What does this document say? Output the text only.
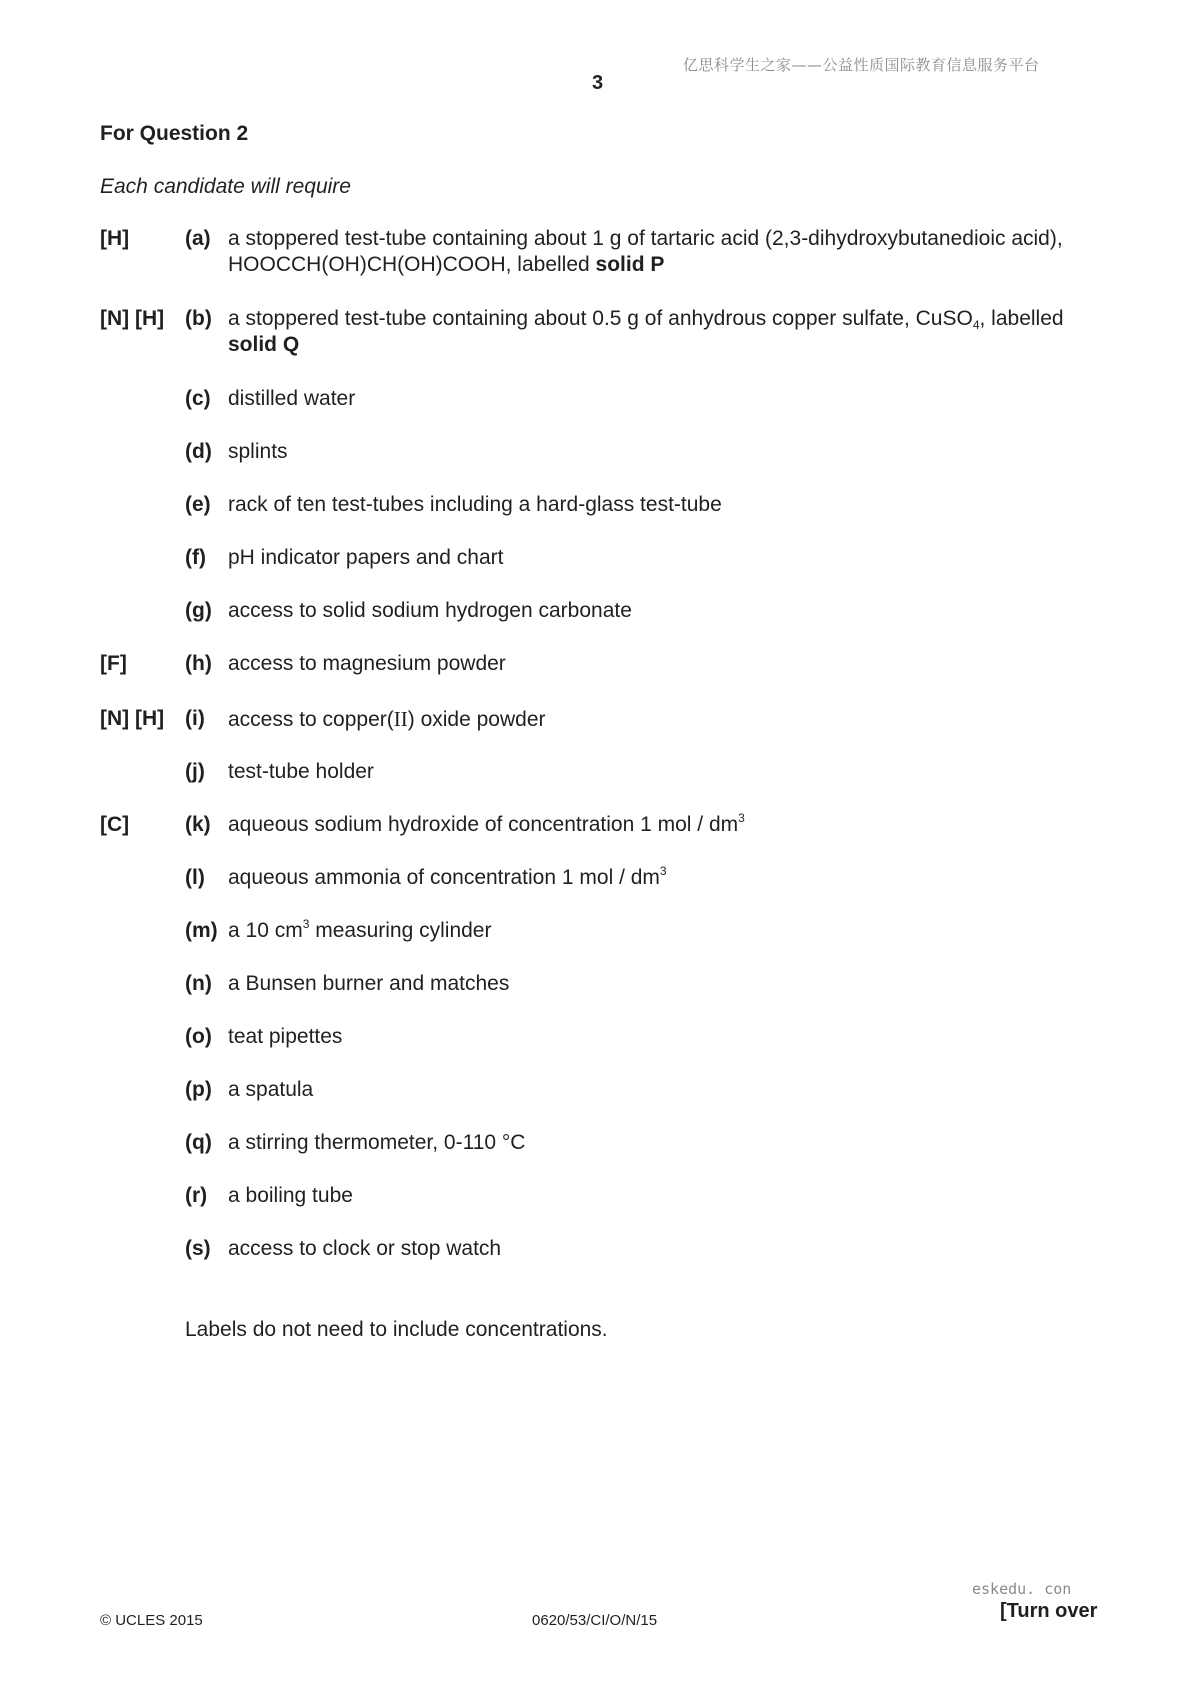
亿思科学生之家——公益性质国际教育信息服务平台
3
For Question 2
Each candidate will require
[H]	(a) a stoppered test-tube containing about 1 g of tartaric acid (2,3-dihydroxybutanedioic acid),
HOOCCH(OH)CH(OH)COOH, labelled solid P
[N] [H] (b) a stoppered test-tube containing about 0.5 g of anhydrous copper sulfate, CuSO$_4$, labelled
solid Q
(c) distilled water
(d) splints
(e) rack of ten test-tubes including a hard-glass test-tube
(f) pH indicator papers and chart
(g) access to solid sodium hydrogen carbonate
[F]	(h) access to magnesium powder
[N] [H] (i) access to copper(II) oxide powder
(j) test-tube holder
[C]	(k) aqueous sodium hydroxide of concentration 1 mol / $dm^3$
(l) aqueous ammonia of concentration 1 mol / $dm^3$
(m) a 10 $cm^3$ measuring cylinder
(n) a Bunsen burner and matches
(o) teat pipettes
(p) a spatula
(q) a stirring thermometer, 0-110 °C
(r) a boiling tube
(s) access to clock or stop watch
Labels do not need to include concentrations.
© UCLES 2015	0620/53/CI/O/N/15
eskedu. con
[Turn over
